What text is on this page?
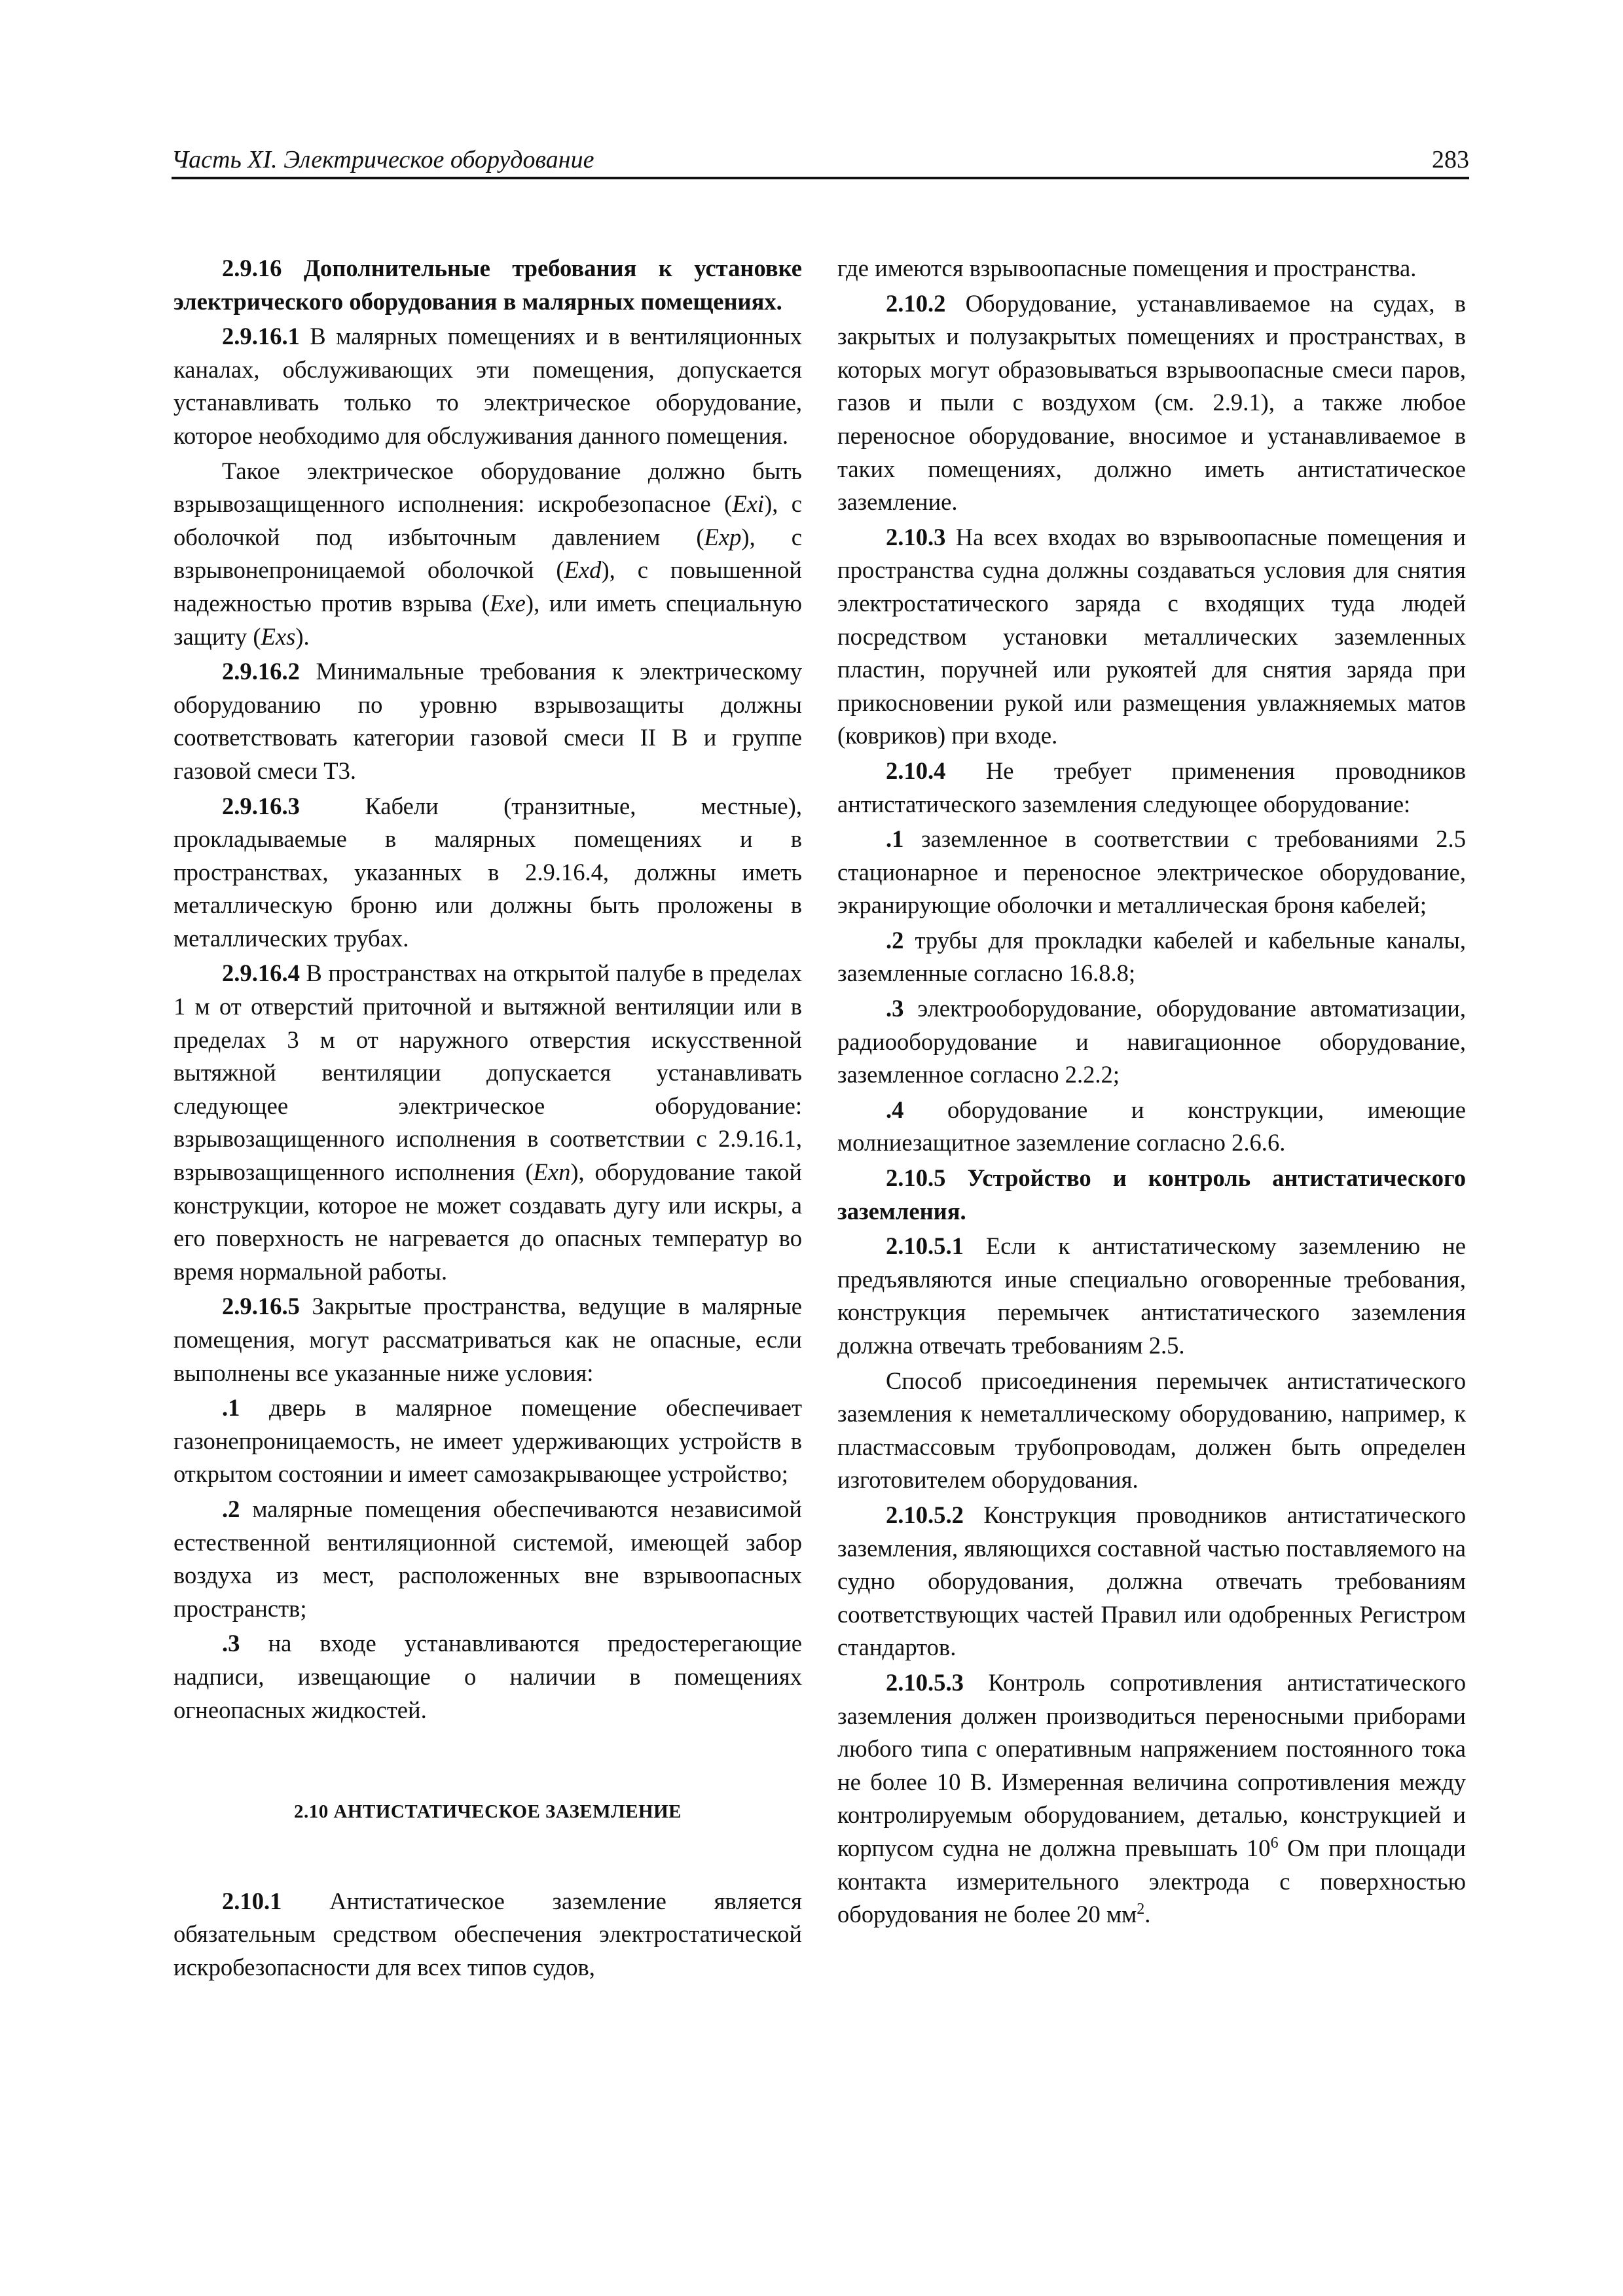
Часть XI. Электрическое оборудование	283

2.9.16 Дополнительные требования к установке электрического оборудования в малярных помещениях.

2.9.16.1 В малярных помещениях и в вентиляционных каналах, обслуживающих эти помещения, допускается устанавливать только то электрическое оборудование, которое необходимо для обслуживания данного помещения.

Такое электрическое оборудование должно быть взрывозащищенного исполнения: искробезопасное (Exi), с оболочкой под избыточным давлением (Exp), с взрывонепроницаемой оболочкой (Exd), с повышенной надежностью против взрыва (Exe), или иметь специальную защиту (Exs).

2.9.16.2 Минимальные требования к электрическому оборудованию по уровню взрывозащиты должны соответствовать категории газовой смеси II В и группе газовой смеси Т3.

2.9.16.3	Кабели (транзитные, местные), прокладываемые в малярных помещениях и в пространствах, указанных в 2.9.16.4, должны иметь металлическую броню или должны быть проложены в металлических трубах.

2.9.16.4 В пространствах на открытой палубе в пределах 1 м от отверстий приточной и вытяжной вентиляции или в пределах 3 м от наружного отверстия искусственной вытяжной вентиляции допускается устанавливать следующее электрическое оборудование: взрывозащищенного исполнения в соответствии с 2.9.16.1, взрывозащищенного исполнения (Exn), оборудование такой конструкции, которое не может создавать дугу или искры, а его поверхность не нагревается до опасных температур во время нормальной работы.

2.9.16.5 Закрытые пространства, ведущие в малярные помещения, могут рассматриваться как не опасные, если выполнены все указанные ниже условия:

.1 дверь в малярное помещение обеспечивает газонепроницаемость, не имеет удерживающих устройств в открытом состоянии и имеет самозакрывающее устройство;

.2 малярные помещения обеспечиваются независимой естественной вентиляционной системой, имеющей забор воздуха из мест, расположенных вне взрывоопасных пространств;

.3 на входе устанавливаются предостерегающие надписи, извещающие о наличии в помещениях огнеопасных жидкостей.

2.10 АНТИСТАТИЧЕСКОЕ ЗАЗЕМЛЕНИЕ

2.10.1 Антистатическое заземление является обязательным средством обеспечения электростатической искробезопасности для всех типов судов,

где имеются взрывоопасные помещения и пространства.

2.10.2 Оборудование, устанавливаемое на судах, в закрытых и полузакрытых помещениях и пространствах, в которых могут образовываться взрывоопасные смеси паров, газов и пыли с воздухом (см. 2.9.1), а также любое переносное оборудование, вносимое и устанавливаемое в таких помещениях, должно иметь антистатическое заземление.

2.10.3 На всех входах во взрывоопасные помещения и пространства судна должны создаваться условия для снятия электростатического заряда с входящих туда людей посредством установки металлических заземленных пластин, поручней или рукоятей для снятия заряда при прикосновении рукой или размещения увлажняемых матов (ковриков) при входе.

2.10.4 Не требует применения проводников антистатического заземления следующее оборудование:

.1 заземленное в соответствии с требованиями 2.5 стационарное и переносное электрическое оборудование, экранирующие оболочки и металлическая броня кабелей;

.2 трубы для прокладки кабелей и кабельные каналы, заземленные согласно 16.8.8;

.3 электрооборудование, оборудование автоматизации, радиооборудование и навигационное оборудование, заземленное согласно 2.2.2;

.4 оборудование и конструкции, имеющие молниезащитное заземление согласно 2.6.6.

2.10.5 Устройство и контроль антистатического заземления.

2.10.5.1 Если к антистатическому заземлению не предъявляются иные специально оговоренные требования, конструкция перемычек антистатического заземления должна отвечать требованиям 2.5.

Способ присоединения перемычек антистатического заземления к неметаллическому оборудованию, например, к пластмассовым трубопроводам, должен быть определен изготовителем оборудования.

2.10.5.2 Конструкция проводников антистатического заземления, являющихся составной частью поставляемого на судно оборудования, должна отвечать требованиям соответствующих частей Правил или одобренных Регистром стандартов.

2.10.5.3 Контроль сопротивления антистатического заземления должен производиться переносными приборами любого типа с оперативным напряжением постоянного тока не более 10 В. Измеренная величина сопротивления между контролируемым оборудованием, деталью, конструкцией и корпусом судна не должна превышать $10^6$ Ом при площади контакта измерительного электрода с поверхностью оборудования не более 20 $мм^2$.
